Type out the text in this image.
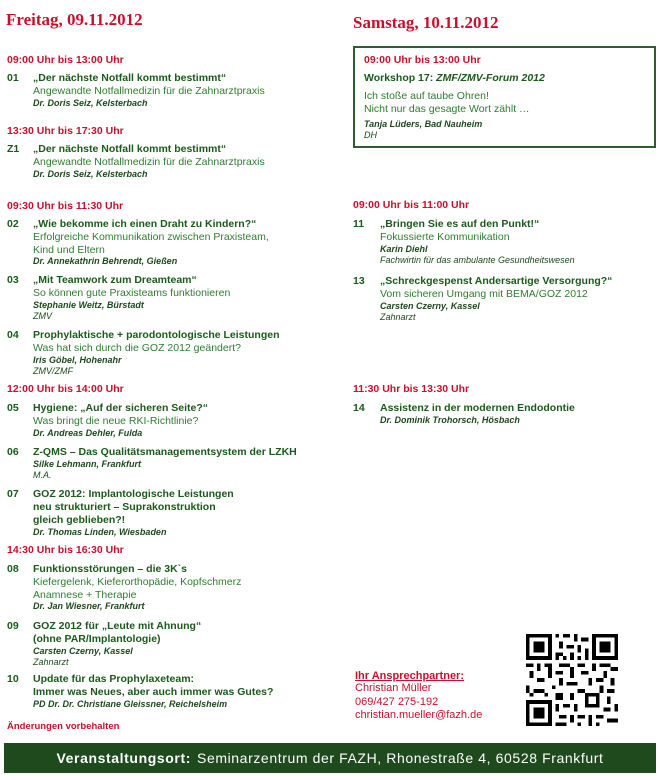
Freitag, 09.11.2012
09:00 Uhr bis 13:00 Uhr
01 „Der nächste Notfall kommt bestimmt“
Angewandte Notfallmedizin für die Zahnarztpraxis
Dr. Doris Seiz, Kelsterbach
13:30 Uhr bis 17:30 Uhr
Z1 „Der nächste Notfall kommt bestimmt“
Angewandte Notfallmedizin für die Zahnarztpraxis
Dr. Doris Seiz, Kelsterbach
09:30 Uhr bis 11:30 Uhr
02 „Wie bekomme ich einen Draht zu Kindern?“
Erfolgreiche Kommunikation zwischen Praxisteam,
Kind und Eltern
Dr. Annekathrin Behrendt, Gießen
03 „Mit Teamwork zum Dreamteam“
So können gute Praxisteams funktionieren
Stephanie Weitz, Bürstadt
ZMV
04 Prophylaktische + parodontologische Leistungen
Was hat sich durch die GOZ 2012 geändert?
Iris Göbel, Hohenahr
ZMV/ZMF
12:00 Uhr bis 14:00 Uhr
05 Hygiene: „Auf der sicheren Seite?“
Was bringt die neue RKI-Richtlinie?
Dr. Andreas Dehler, Fulda
06 Z-QMS – Das Qualitätsmanagementsystem der LZKH
Silke Lehmann, Frankfurt
M.A.
07 GOZ 2012: Implantologische Leistungen
neu strukturiert – Suprakonstruktion
gleich geblieben?!
Dr. Thomas Linden, Wiesbaden
14:30 Uhr bis 16:30 Uhr
08 Funktionsstörungen – die 3K`s
Kiefergelenk, Kieferorthopädie, Kopfschmerz
Anamnese + Therapie
Dr. Jan Wiesner, Frankfurt
09 GOZ 2012 für „Leute mit Ahnung“
(ohne PAR/Implantologie)
Carsten Czerny, Kassel
Zahnarzt
10 Update für das Prophylaxeteam:
Immer was Neues, aber auch immer was Gutes?
PD Dr. Dr. Christiane Gleissner, Reichelsheim
Änderungen vorbehalten
Samstag, 10.11.2012
09:00 Uhr bis 13:00 Uhr
Workshop 17: ZMF/ZMV-Forum 2012
Ich stoße auf taube Ohren!
Nicht nur das gesagte Wort zählt …
Tanja Lüders, Bad Nauheim
DH
09:00 Uhr bis 11:00 Uhr
11 „Bringen Sie es auf den Punkt!“
Fokussierte Kommunikation
Karin Diehl
Fachwirtin für das ambulante Gesundheitswesen
13 „Schreckgespenst Andersartige Versorgung?“
Vom sicheren Umgang mit BEMA/GOZ 2012
Carsten Czerny, Kassel
Zahnarzt
11:30 Uhr bis 13:30 Uhr
14 Assistenz in der modernen Endodontie
Dr. Dominik Trohorsch, Hösbach
Ihr Ansprechpartner:
Christian Müller
069/427 275-192
christian.mueller@fazh.de
Veranstaltungsort: Seminarzentrum der FAZH, Rhonestraße 4, 60528 Frankfurt
